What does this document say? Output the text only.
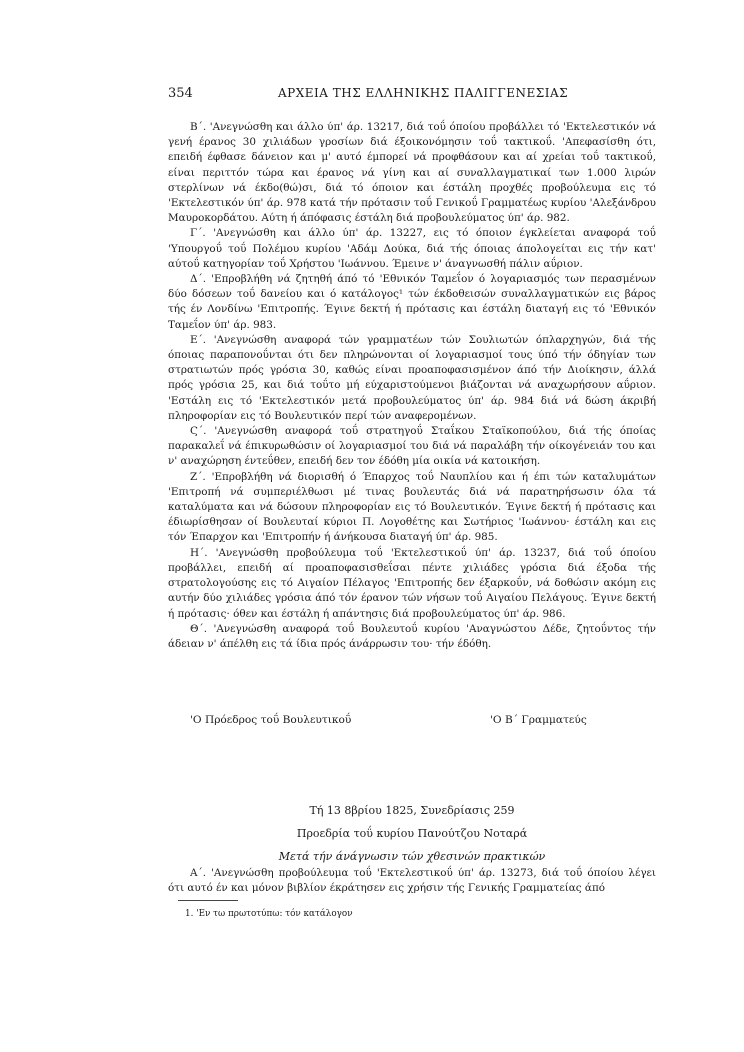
354	ΑΡΧΕΙΑ ΤΗΣ ΕΛΛΗΝΙΚΗΣ ΠΑΛΙΓΓΕΝΕΣΙΑΣ

Β΄. 'Ανεγνώσθη και άλλο ύπ' άρ. 13217, διά τοΰ όποίου προβάλλει τό 'Εκτελεστικόν νά γενή έρανος 30 χιλιάδων γροσίων διά έξοικονόμησιν τοΰ τακτικοΰ. 'Απεφασίσθη ότι, επειδή έφθασε δάνειον και μ' αυτό έμπορεί νά προφθάσουν και αί χρείαι τοΰ τακτικοΰ, είναι περιττόν τώρα και έρανος νά γίνη και αί συναλλαγματικαί των 1.000 λιρών στερλίνων νά έκδο(θώ)σι, διά τό όποιον και έστάλη προχθές προβούλευμα εις τό 'Εκτελεστικόν ύπ' άρ. 978 κατά τήν πρότασιν τοΰ Γενικοΰ Γραμματέως κυρίου 'Αλεξάνδρου Μαυροκορδάτου. Αύτη ή άπόφασις έστάλη διά προβουλεύματος ύπ' άρ. 982.

Γ΄. 'Ανεγνώσθη και άλλο ύπ' άρ. 13227, εις τό όποιον έγκλείεται αναφορά τοΰ 'Υπουργοΰ τοΰ Πολέμου κυρίου 'Αδάμ Δούκα, διά τής όποιας άπολογείται εις τήν κατ' αύτοΰ κατηγορίαν τοΰ Χρήστου 'Ιωάννου. Έμεινε ν' άναγνωσθή πάλιν αΰριον.

Δ΄. 'Επροβλήθη νά ζητηθή άπό τό 'Εθνικόν Ταμεΐον ό λογαριασμός των περασμένων δύο δόσεων τοΰ δανείου και ό κατάλογος¹ τών έκδοθεισών συναλλαγματικών εις βάρος τής έν Λονδίνω 'Επιτροπής. Έγινε δεκτή ή πρότασις και έστάλη διαταγή εις τό 'Εθνικόν Ταμεΐον ύπ' άρ. 983.

Ε΄. 'Ανεγνώσθη αναφορά τών γραμματέων τών Σουλιωτών όπλαρχηγών, διά τής όποιας παραπονοΰνται ότι δεν πληρώνονται οί λογαριασμοί τους ύπό τήν όδηγίαν των στρατιωτών πρός γρόσια 30, καθώς είναι προαποφασισμένον άπό τήν Διοίκησιν, άλλά πρός γρόσια 25, και διά τοΰτο μή εύχαριστούμενοι βιάζονται νά αναχωρήσουν αΰριον. 'Εστάλη εις τό 'Εκτελεστικόν μετά προβουλεύματος ύπ' άρ. 984 διά νά δώση άκριβή πληροφορίαν εις τό Βουλευτικόν περί τών αναφερομένων.

Ϛ΄. 'Ανεγνώσθη αναφορά τοΰ στρατηγοΰ Σταΐκου Σταϊκοπούλου, διά τής όποίας παρακαλεΐ νά έπικυρωθώσιν οί λογαριασμοί του διά νά παραλάβη τήν οίκογένειάν του και ν' αναχώρηση έντεΰθεν, επειδή δεν τον έδόθη μία οικία νά κατοικήση.

Ζ΄. 'Επροβλήθη νά διορισθή ό Έπαρχος τοΰ Ναυπλίου και ή έπι τών καταλυμάτων 'Επιτροπή νά συμπεριέλθωσι μέ τινας βουλευτάς διά νά παρατηρήσωσιν όλα τά καταλύματα και νά δώσουν πληροφορίαν εις τό Βουλευτικόν. Έγινε δεκτή ή πρότασις και έδιωρίσθησαν οί Βουλευταί κύριοι Π. Λογοθέτης και Σωτήριος 'Ιωάννου· έστάλη και εις τόν Έπαρχον και 'Επιτροπήν ή άνήκουσα διαταγή ύπ' άρ. 985.

Η΄. 'Ανεγνώσθη προβούλευμα τοΰ 'Εκτελεστικοΰ ύπ' άρ. 13237, διά τοΰ όποίου προβάλλει, επειδή αί προαποφασισθεΐσαι πέντε χιλιάδες γρόσια διά έξοδα τής στρατολογούσης εις τό Αιγαίον Πέλαγος 'Επιτροπής δεν έξαρκοΰν, νά δοθώσιν ακόμη εις αυτήν δύο χιλιάδες γρόσια άπό τόν έρανον τών νήσων τοΰ Αιγαίου Πελάγους. Έγινε δεκτή ή πρότασις· όθεν και έστάλη ή απάντησις διά προβουλεύματος ύπ' άρ. 986.

Θ΄. 'Ανεγνώσθη αναφορά τοΰ Βουλευτοΰ κυρίου 'Αναγνώστου Δέδε, ζητοΰντος τήν άδειαν ν' άπέλθη εις τά ίδια πρός άνάρρωσιν του· τήν έδόθη.

'Ο Πρόεδρος τοΰ Βουλευτικοΰ	'Ο Β΄ Γραμματεύς
Τή 13 8βρίου 1825, Συνεδρίασις 259
Προεδρία τοΰ κυρίου Πανούτζου Νοταρά
Μετά τήν άνάγνωσιν τών χθεσινών πρακτικών

Α΄. 'Ανεγνώσθη προβούλευμα τοΰ 'Εκτελεστικοΰ ύπ' άρ. 13273, διά τοΰ όποίου λέγει ότι αυτό έν και μόνον βιβλίον έκράτησεν εις χρήσιν τής Γενικής Γραμματείας άπό

1. 'Εν τω πρωτοτύπω: τόν κατάλογον
